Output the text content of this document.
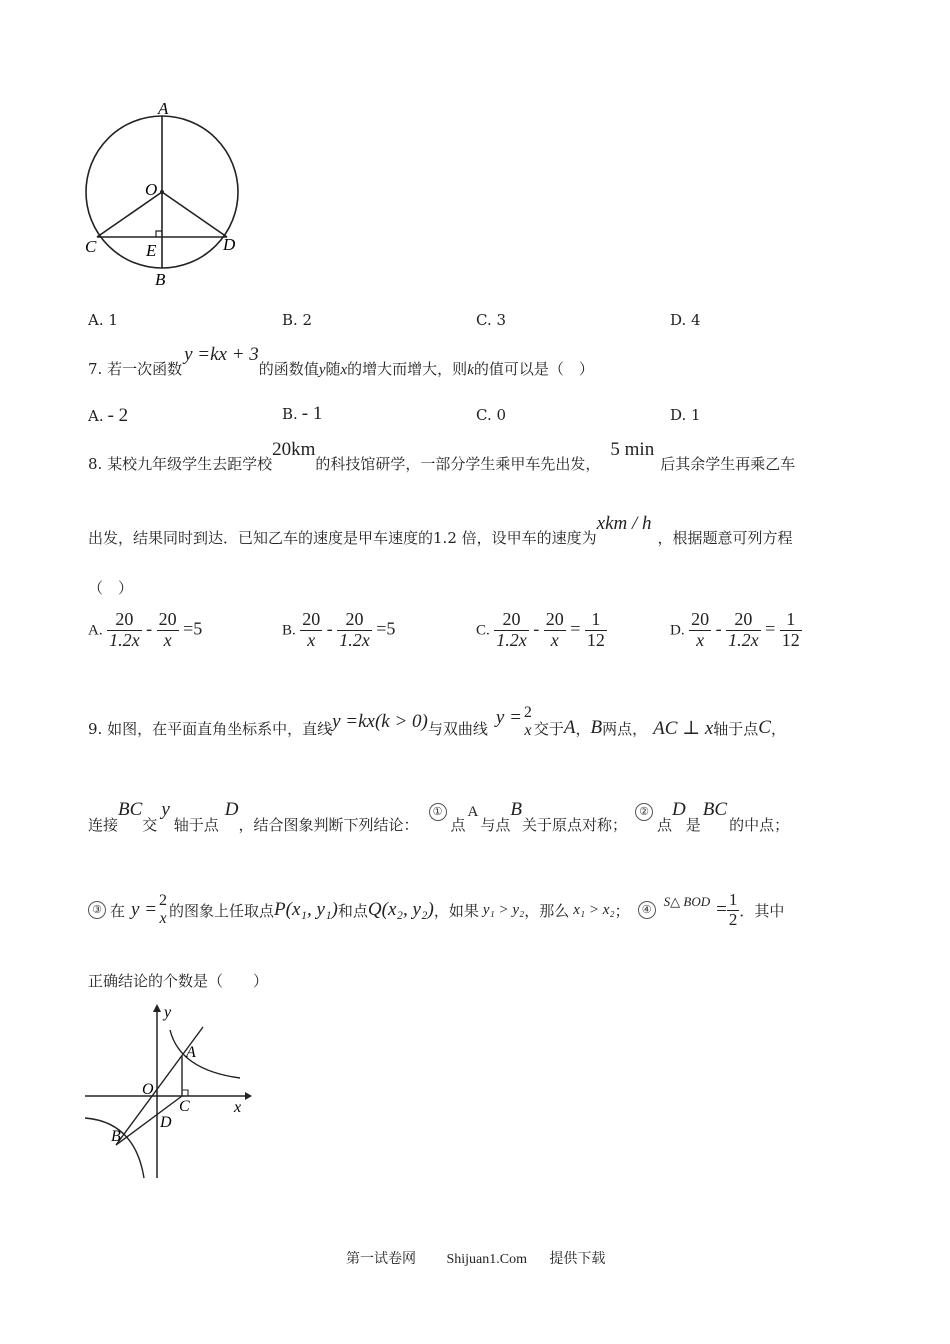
A
O
C	E	D
B
A. 1	B. 2	C. 3	D. 4
7. 若一次函数y =kx + 3的函数值y随x的增大而增大，则k的值可以是（　）
A. - 2	B. - 1	C. 0	D. 1
8. 某校九年级学生去距学校20km的科技馆研学，一部分学生乘甲车先出发，5 min后其余学生再乘乙车
出发，结果同时到达．已知乙车的速度是甲车速度的1.2 倍，设甲车的速度为xkm / h，根据题意可列方程
（　）
A. $\frac{20}{1.2x} - \frac{20}{x} =5$	B. $\frac{20}{x} - \frac{20}{1.2x} =5$	C. $\frac{20}{1.2x} - \frac{20}{x} = \frac{1}{12}$	D. $\frac{20}{x} - \frac{20}{1.2x} = \frac{1}{12}$
9. 如图，在平面直角坐标系中，直线 y =kx(k > 0) 与双曲线
y = 2
x 交于 A ， B 两点， AC ⊥ x 轴于点 C ，
连接
BC
交
y
轴于点
D
，结合图象判断下列结论：
①
点
A
与点
B
关于原点对称；
②
点
D
是
BC
的中点；
③ 在 y = 2
x 的图象上任取点 P(x₁, y₁) 和点 Q(x₂, y₂) ，如果 y₁ > y₂ ，那么 x₁ > x₂ ；	④
S△ BOD = $\frac{1}{2}$ ．其中
正确结论的个数是（　　）
y
A
O
C	x
D
B
第一试卷网 Shijuan1.Com 提供下载
